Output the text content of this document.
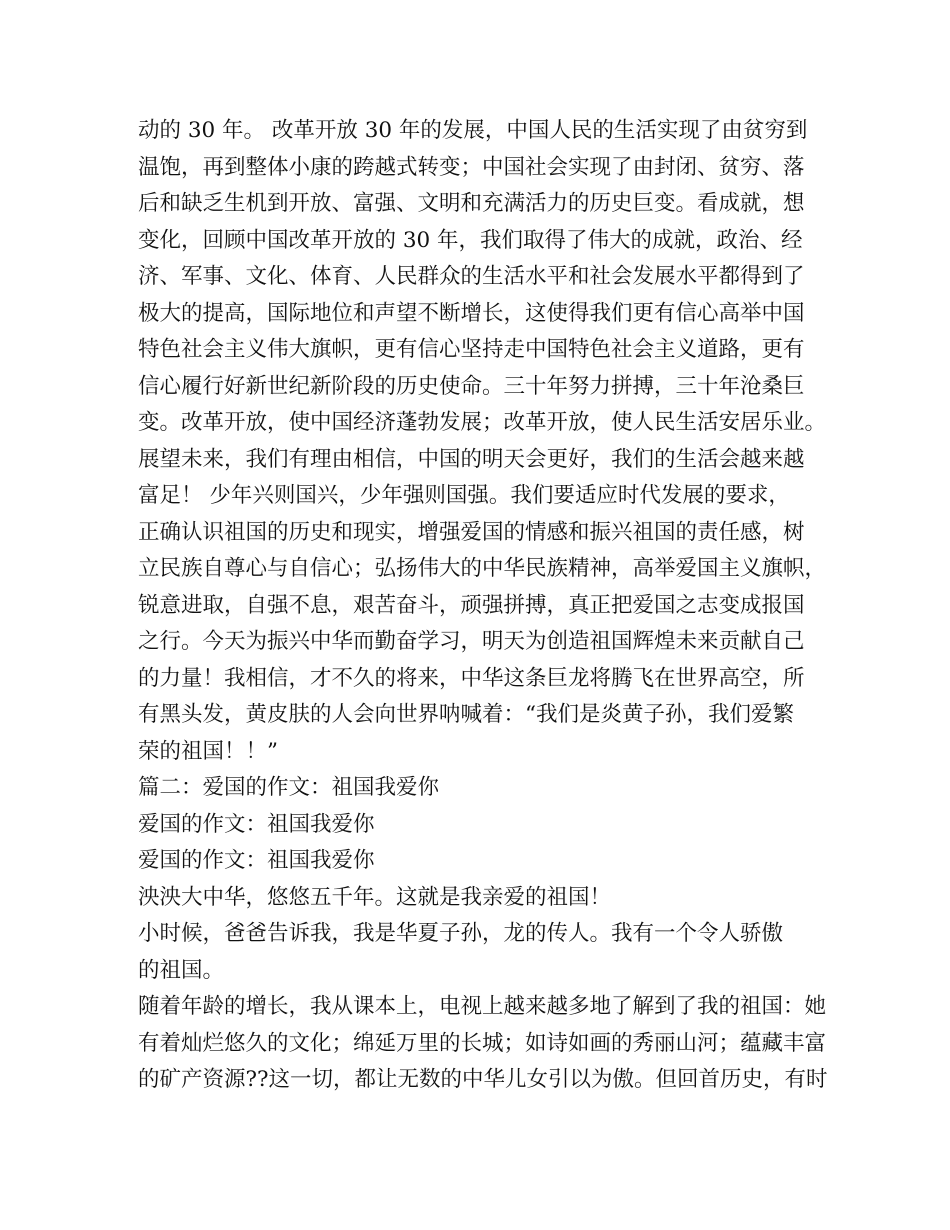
动的 30 年。 改革开放 30 年的发展，中国人民的生活实现了由贫穷到
温饱，再到整体小康的跨越式转变；中国社会实现了由封闭、贫穷、落
后和缺乏生机到开放、富强、文明和充满活力的历史巨变。看成就，想
变化，回顾中国改革开放的 30 年，我们取得了伟大的成就，政治、经
济、军事、文化、体育、人民群众的生活水平和社会发展水平都得到了
极大的提高，国际地位和声望不断增长，这使得我们更有信心高举中国
特色社会主义伟大旗帜，更有信心坚持走中国特色社会主义道路，更有
信心履行好新世纪新阶段的历史使命。三十年努力拼搏，三十年沧桑巨
变。改革开放，使中国经济蓬勃发展；改革开放，使人民生活安居乐业。
展望未来，我们有理由相信，中国的明天会更好，我们的生活会越来越
富足！ 少年兴则国兴，少年强则国强。我们要适应时代发展的要求，
正确认识祖国的历史和现实，增强爱国的情感和振兴祖国的责任感，树
立民族自尊心与自信心；弘扬伟大的中华民族精神，高举爱国主义旗帜，
锐意进取，自强不息，艰苦奋斗，顽强拼搏，真正把爱国之志变成报国
之行。今天为振兴中华而勤奋学习，明天为创造祖国辉煌未来贡献自己
的力量！我相信，才不久的将来，中华这条巨龙将腾飞在世界高空，所
有黑头发，黄皮肤的人会向世界呐喊着：“我们是炎黄子孙，我们爱繁
荣的祖国！！”
篇二：爱国的作文：祖国我爱你
爱国的作文：祖国我爱你
爱国的作文：祖国我爱你
泱泱大中华，悠悠五千年。这就是我亲爱的祖国！
小时候，爸爸告诉我，我是华夏子孙，龙的传人。我有一个令人骄傲
的祖国。
随着年龄的增长，我从课本上，电视上越来越多地了解到了我的祖国：她
有着灿烂悠久的文化；绵延万里的长城；如诗如画的秀丽山河；蕴藏丰富
的矿产资源??这一切，都让无数的中华儿女引以为傲。但回首历史，有时
